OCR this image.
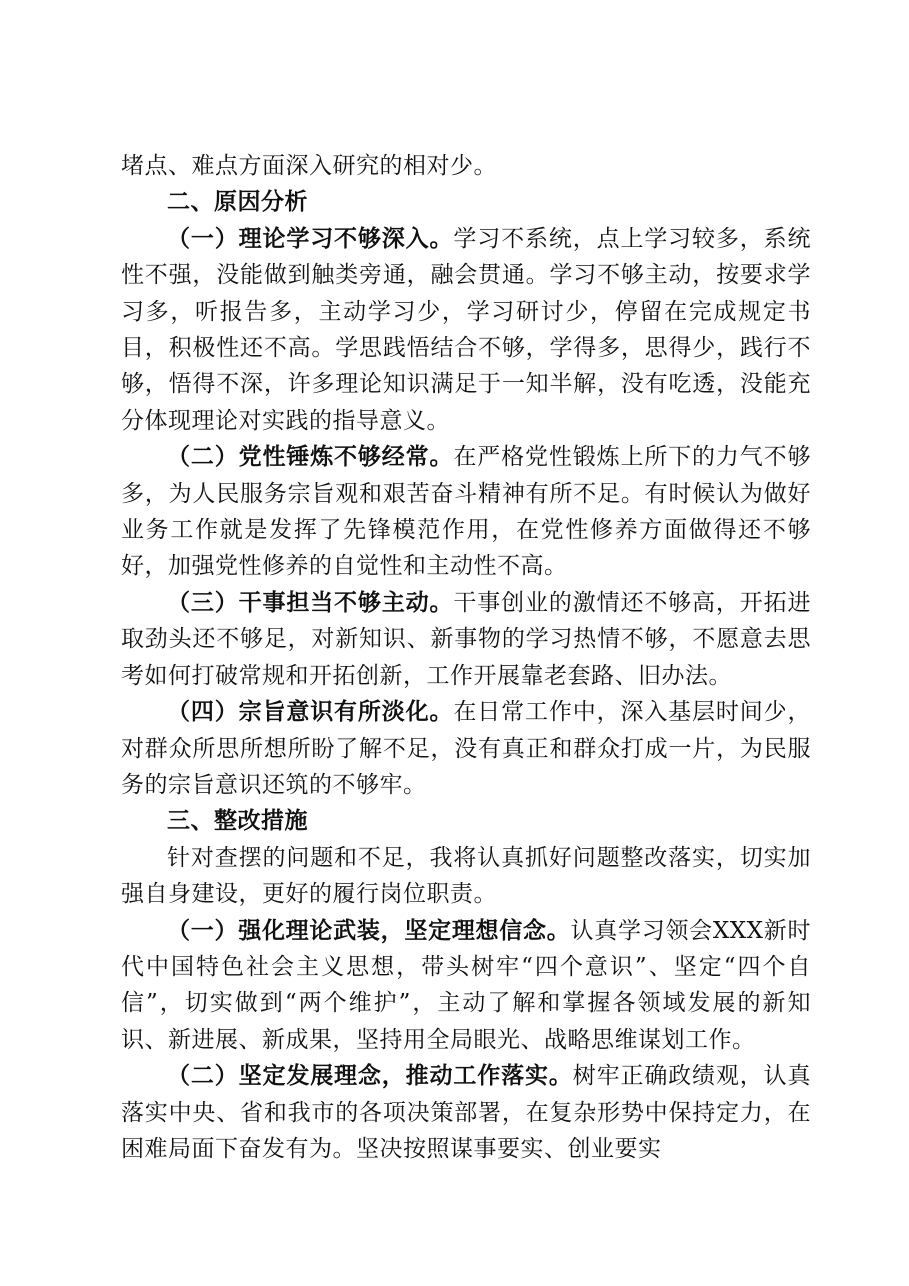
堵点、难点方面深入研究的相对少。

二、原因分析

（一）理论学习不够深入。学习不系统，点上学习较多，系统性不强，没能做到触类旁通，融会贯通。学习不够主动，按要求学习多，听报告多，主动学习少，学习研讨少，停留在完成规定书目，积极性还不高。学思践悟结合不够，学得多，思得少，践行不够，悟得不深，许多理论知识满足于一知半解，没有吃透，没能充分体现理论对实践的指导意义。

（二）党性锤炼不够经常。在严格党性锻炼上所下的力气不够多，为人民服务宗旨观和艰苦奋斗精神有所不足。有时候认为做好业务工作就是发挥了先锋模范作用，在党性修养方面做得还不够好，加强党性修养的自觉性和主动性不高。

（三）干事担当不够主动。干事创业的激情还不够高，开拓进取劲头还不够足，对新知识、新事物的学习热情不够，不愿意去思考如何打破常规和开拓创新，工作开展靠老套路、旧办法。

（四）宗旨意识有所淡化。在日常工作中，深入基层时间少，对群众所思所想所盼了解不足，没有真正和群众打成一片，为民服务的宗旨意识还筑的不够牢。

三、整改措施

针对查摆的问题和不足，我将认真抓好问题整改落实，切实加强自身建设，更好的履行岗位职责。

（一）强化理论武装，坚定理想信念。认真学习领会XXX新时代中国特色社会主义思想，带头树牢“四个意识”、坚定“四个自信”，切实做到“两个维护”，主动了解和掌握各领域发展的新知识、新进展、新成果，坚持用全局眼光、战略思维谋划工作。

（二）坚定发展理念，推动工作落实。树牢正确政绩观，认真落实中央、省和我市的各项决策部署，在复杂形势中保持定力，在困难局面下奋发有为。坚决按照谋事要实、创业要实
